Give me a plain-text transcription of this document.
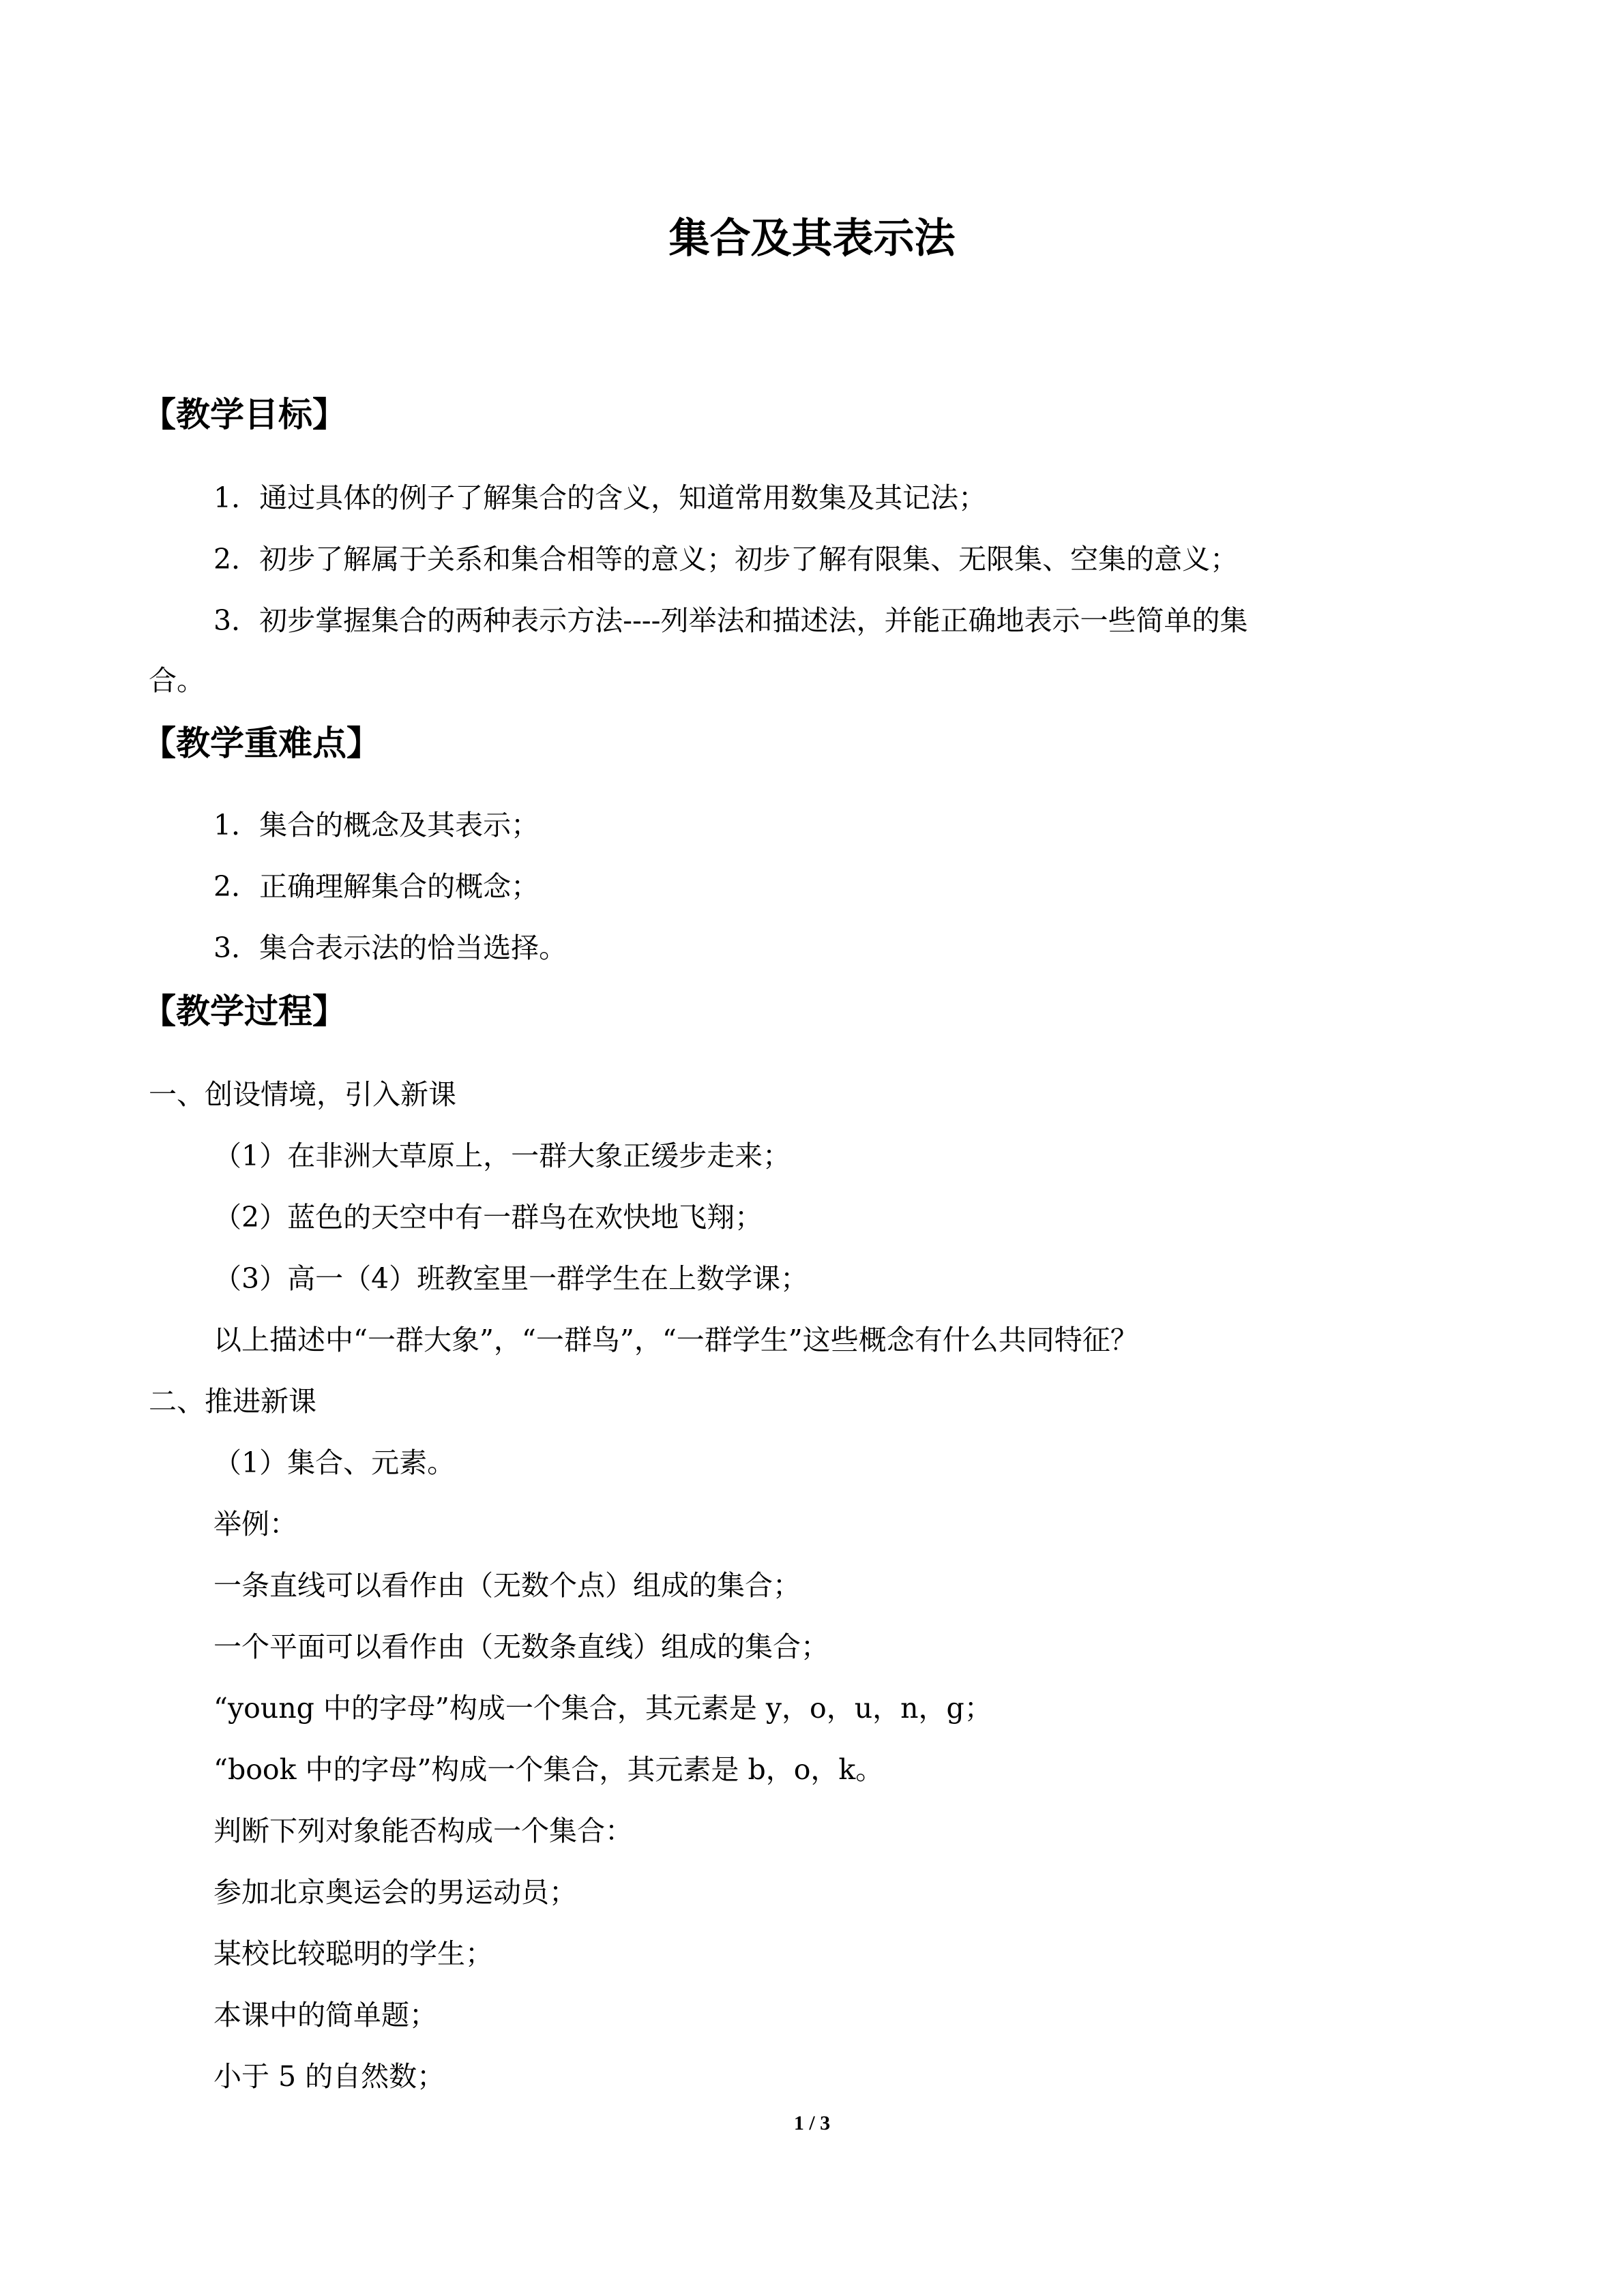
集合及其表示法
【教学目标】

1．通过具体的例子了解集合的含义，知道常用数集及其记法；

2．初步了解属于关系和集合相等的意义；初步了解有限集、无限集、空集的意义；

3．初步掌握集合的两种表示方法----列举法和描述法，并能正确地表示一些简单的集

合。

【教学重难点】

1．集合的概念及其表示；

2．正确理解集合的概念；

3．集合表示法的恰当选择。

【教学过程】

一、创设情境，引入新课

（1）在非洲大草原上，一群大象正缓步走来；

（2）蓝色的天空中有一群鸟在欢快地飞翔；

（3）高一（4）班教室里一群学生在上数学课；

以上描述中“一群大象”，“一群鸟”，“一群学生”这些概念有什么共同特征？

二、推进新课

（1）集合、元素。

举例：

一条直线可以看作由（无数个点）组成的集合；

一个平面可以看作由（无数条直线）组成的集合；

“young 中的字母”构成一个集合，其元素是 y，o，u，n，g；

“book 中的字母”构成一个集合，其元素是 b，o，k。

判断下列对象能否构成一个集合：

参加北京奥运会的男运动员；

某校比较聪明的学生；

本课中的简单题；

小于 5 的自然数；

1 / 3
